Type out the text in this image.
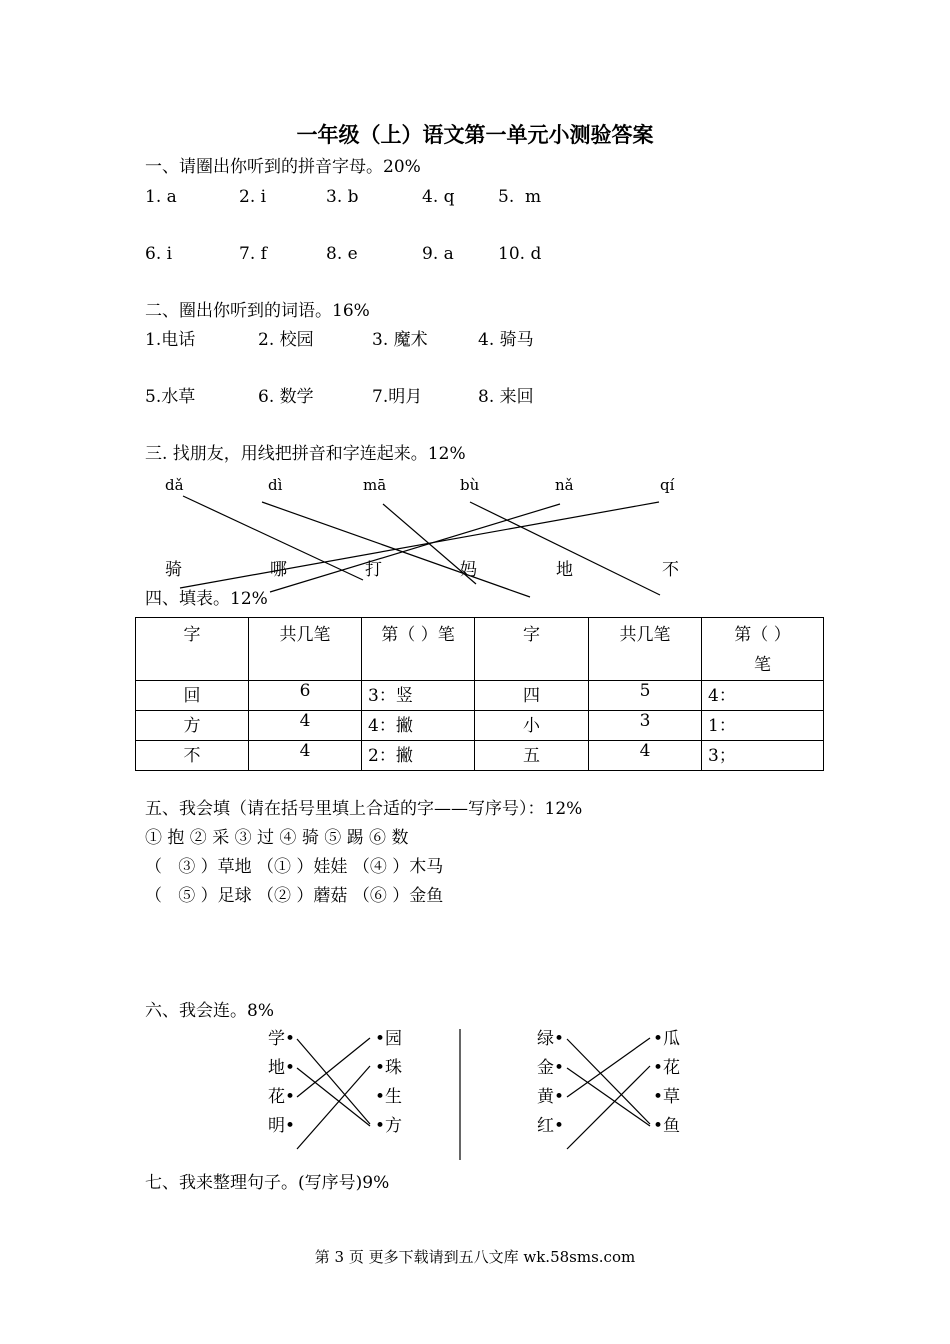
一年级（上）语文第一单元小测验答案
一、请圈出你听到的拼音字母。20%
1. a	2. i	3. b	4. q	5.  m
6. i	7. f	8. e	9. a	10. d
二、圈出你听到的词语。16%
1.电话	2. 校园	3. 魔术	4. 骑马
5.水草	6. 数学	7.明月	8. 来回
三. 找朋友，用线把拼音和字连起来。12%
dǎ	dì	mā	bù	nǎ	qí
骑	哪	打	妈	地	不
四、填表。12%
字	共几笔	第（ ）笔	字	共几笔	第（ ）
笔

回	6	3：竖	四	5	4：
方	4	4：撇	小	3	1：
不	4	2：撇	五	4	3；
五、我会填（请在括号里填上合适的字——写序号）：12%
① 抱 ② 采 ③ 过 ④ 骑 ⑤ 踢 ⑥ 数
（   ③ ）草地 （① ）娃娃 （④ ）木马
（   ⑤ ）足球 （② ）蘑菇 （⑥ ）金鱼
六、我会连。8%
学•
地•
花•
明•
•园
•珠
•生
•方
绿•
金•
黄•
红•
•瓜
•花
•草
•鱼
七、我来整理句子。(写序号)9%
第 3 页 更多下载请到五八文库 wk.58sms.com
